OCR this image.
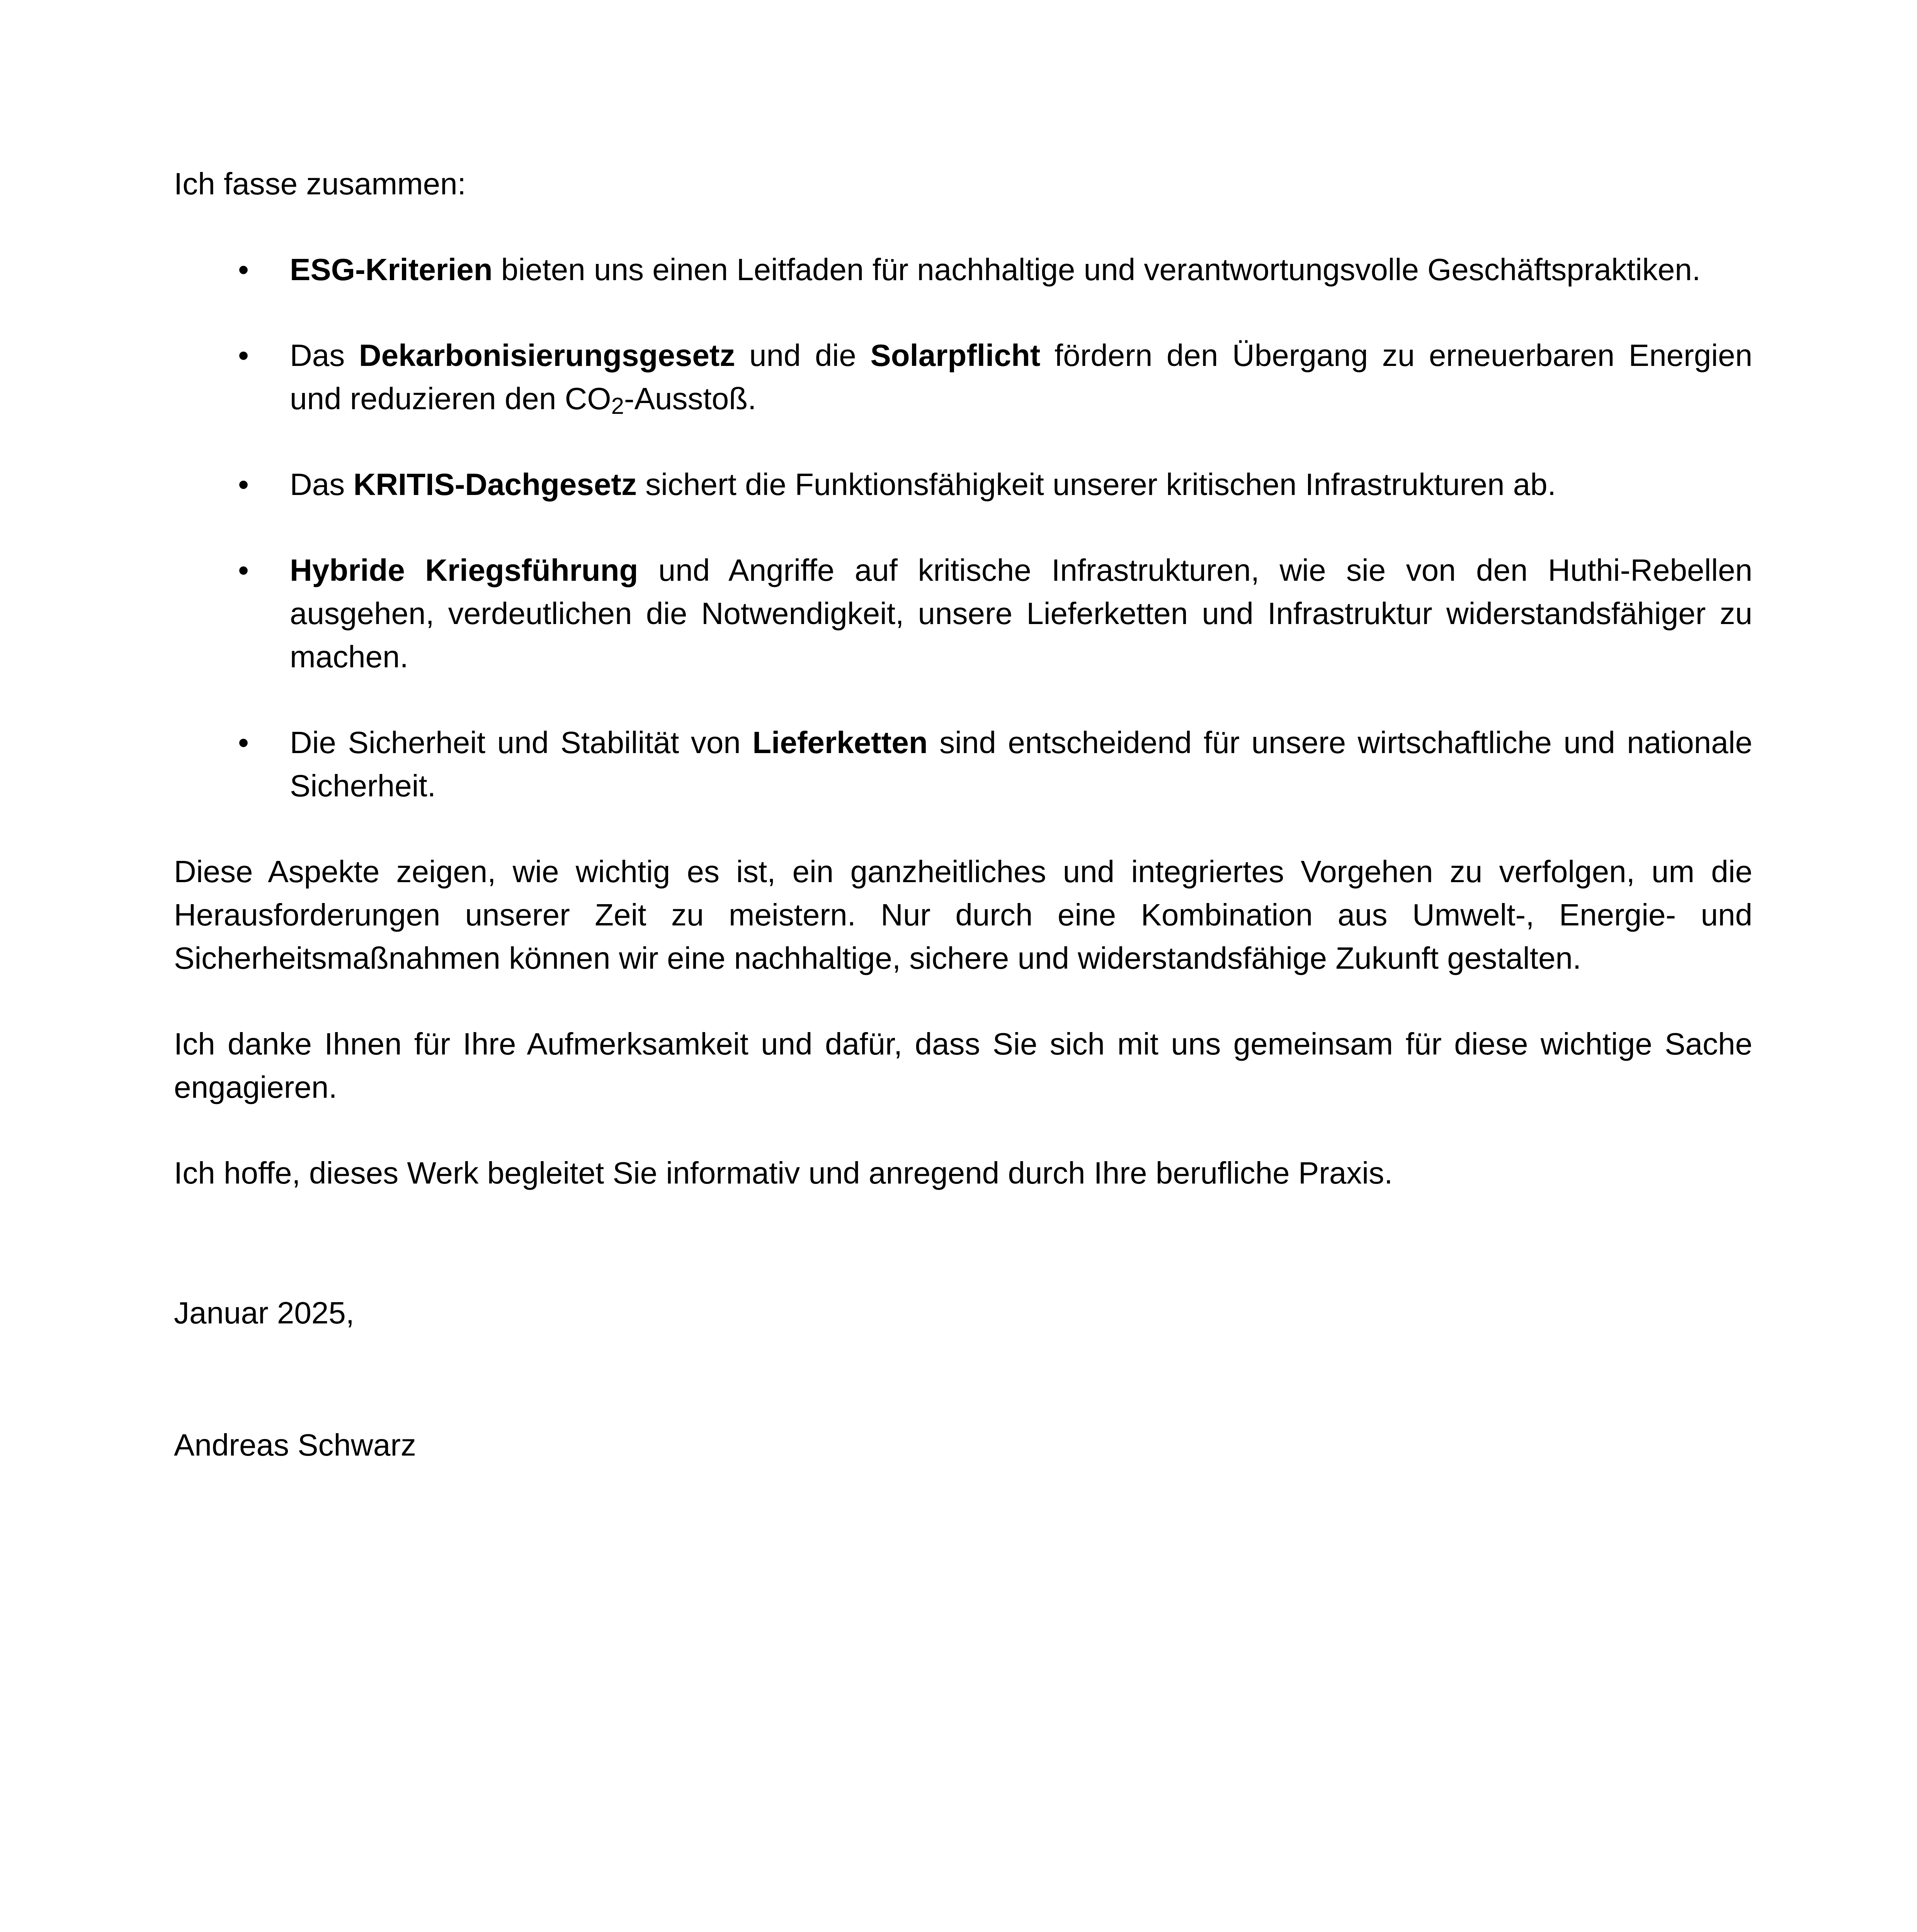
Ich fasse zusammen:

• ESG-Kriterien bieten uns einen Leitfaden für nachhaltige und verantwortungsvolle Geschäftspraktiken.
• Das Dekarbonisierungsgesetz und die Solarpflicht fördern den Übergang zu erneuerbaren Energien und reduzieren den $CO_2$-Ausstoß.
• Das KRITIS-Dachgesetz sichert die Funktionsfähigkeit unserer kritischen Infrastrukturen ab.
• Hybride Kriegsführung und Angriffe auf kritische Infrastrukturen, wie sie von den Huthi-Rebellen ausgehen, verdeutlichen die Notwendigkeit, unsere Lieferketten und Infrastruktur widerstandsfähiger zu machen.
• Die Sicherheit und Stabilität von Lieferketten sind entscheidend für unsere wirtschaftliche und nationale Sicherheit.

Diese Aspekte zeigen, wie wichtig es ist, ein ganzheitliches und integriertes Vorgehen zu verfolgen, um die Herausforderungen unserer Zeit zu meistern. Nur durch eine Kombination aus Umwelt-, Energie- und Sicherheitsmaßnahmen können wir eine nachhaltige, sichere und widerstandsfähige Zukunft gestalten.

Ich danke Ihnen für Ihre Aufmerksamkeit und dafür, dass Sie sich mit uns gemeinsam für diese wichtige Sache engagieren.

Ich hoffe, dieses Werk begleitet Sie informativ und anregend durch Ihre berufliche Praxis.

Januar 2025,

Andreas Schwarz
